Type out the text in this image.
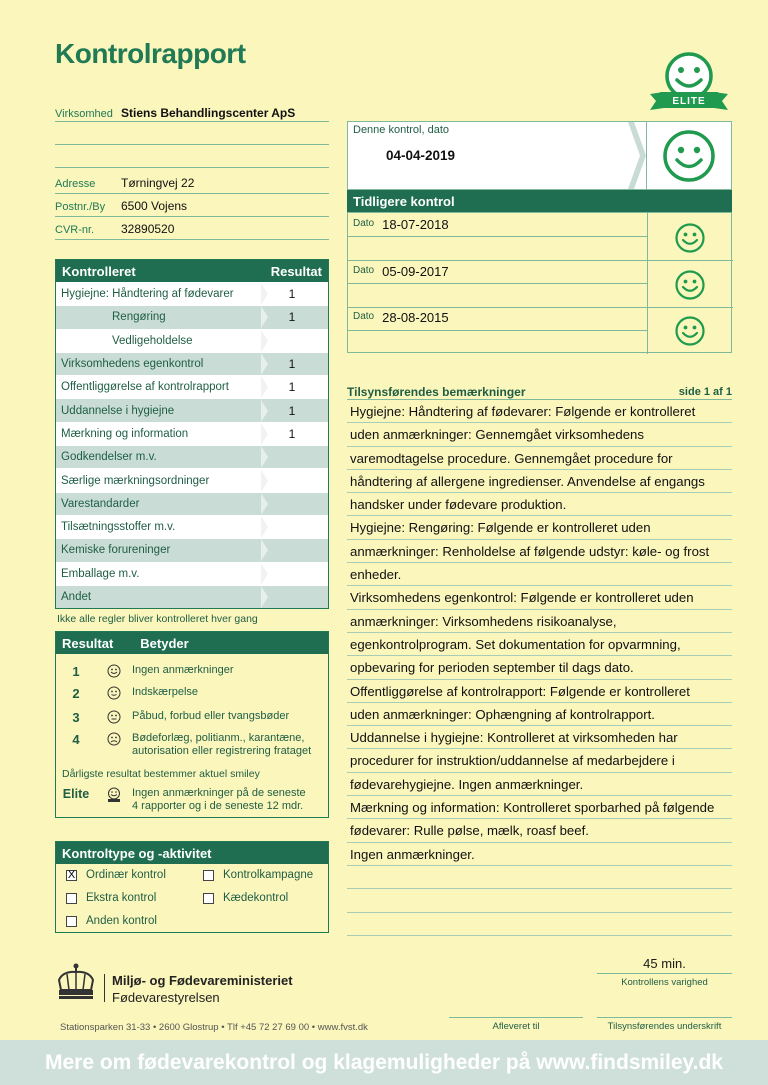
Kontrolrapport
ELITE
Virksomhed Stiens Behandlingscenter ApS
Adresse Tørningvej 22
Postnr./By 6500 Vojens
CVR-nr. 32890520
Kontrolleret	Resultat
Hygiejne: Håndtering af fødevarer	1
Rengøring	1
Vedligeholdelse
Virksomhedens egenkontrol	1
Offentliggørelse af kontrolrapport	1
Uddannelse i hygiejne	1
Mærkning og information	1
Godkendelser m.v.
Særlige mærkningsordninger
Varestandarder
Tilsætningsstoffer m.v.
Kemiske forureninger
Emballage m.v.
Andet
Ikke alle regler bliver kontrolleret hver gang
Resultat Betyder
1	Ingen anmærkninger
2	Indskærpelse
3	Påbud, forbud eller tvangsbøder
4	Bødeforlæg, politianm., karantæne,
autorisation eller registrering frataget
Dårligste resultat bestemmer aktuel smiley
Elite	Ingen anmærkninger på de seneste
4 rapporter og i de seneste 12 mdr.
Kontroltype og -aktivitet
X Ordinær kontrol	Kontrolkampagne
Ekstra kontrol	Kædekontrol
Anden kontrol
Denne kontrol, dato
04-04-2019
Tidligere kontrol
$^{Dato}$ 18-07-2018
$^{Dato}$ 05-09-2017
$^{Dato}$ 28-08-2015
Tilsynsførendes bemærkninger	side 1 af 1

Hygiejne: Håndtering af fødevarer: Følgende er kontrolleret

uden anmærkninger: Gennemgået virksomhedens

varemodtagelse procedure. Gennemgået procedure for

håndtering af allergene ingredienser. Anvendelse af engangs

handsker under fødevare produktion.

Hygiejne: Rengøring: Følgende er kontrolleret uden

anmærkninger: Renholdelse af følgende udstyr: køle- og frost

enheder.

Virksomhedens egenkontrol: Følgende er kontrolleret uden

anmærkninger: Virksomhedens risikoanalyse,

egenkontrolprogram. Set dokumentation for opvarmning,

opbevaring for perioden september til dags dato.

Offentliggørelse af kontrolrapport: Følgende er kontrolleret

uden anmærkninger: Ophængning af kontrolrapport.

Uddannelse i hygiejne: Kontrolleret at virksomheden har

procedurer for instruktion/uddannelse af medarbejdere i

fødevarehygiejne. Ingen anmærkninger.

Mærkning og information: Kontrolleret sporbarhed på følgende

fødevarer: Rulle pølse, mælk, roasf beef.

Ingen anmærkninger.

45 min.
Kontrollens varighed
Miljø- og Fødevareministeriet
Fødevarestyrelsen
Stationsparken 31-33 • 2600 Glostrup • Tlf +45 72 27 69 00 • www.fvst.dk	Afleveret til	Tilsynsførendes underskrift
Mere om fødevarekontrol og klagemuligheder på www.findsmiley.dk
